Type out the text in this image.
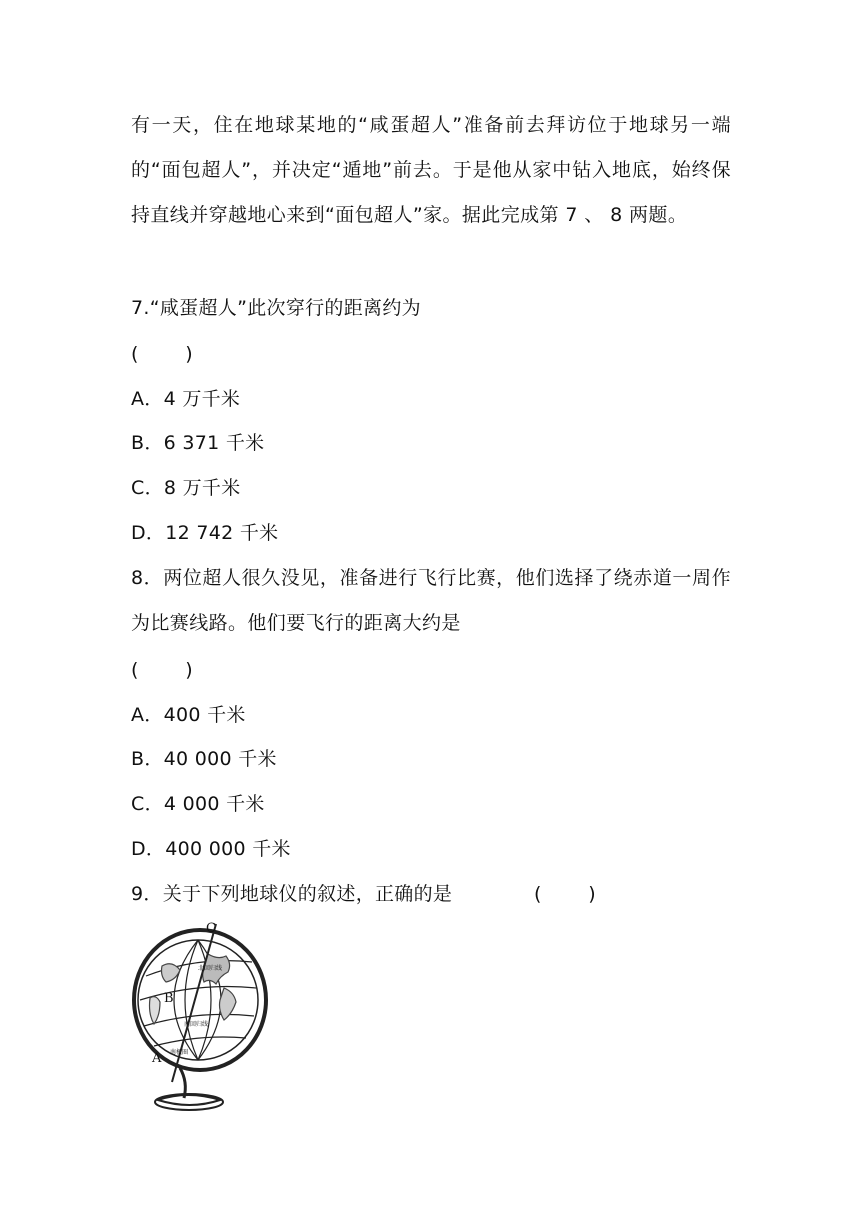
有一天，住在地球某地的“咸蛋超人”准备前去拜访位于地球另一端的“面包超人”，并决定“遁地”前去。于是他从家中钻入地底，始终保持直线并穿越地心来到“面包超人”家。据此完成第 7 、 8 两题。
7.“咸蛋超人”此次穿行的距离约为
( )
A．4 万千米
B．6 371 千米
C．8 万千米
D．12 742 千米
8．两位超人很久没见，准备进行飞行比赛，他们选择了绕赤道一周作为比赛线路。他们要飞行的距离大约是
( )
A．400 千米
B．40 000 千米
C．4 000 千米
D．400 000 千米
9．关于下列地球仪的叙述，正确的是	( )
北回归线
南回归线
南极圈
C
B
A
